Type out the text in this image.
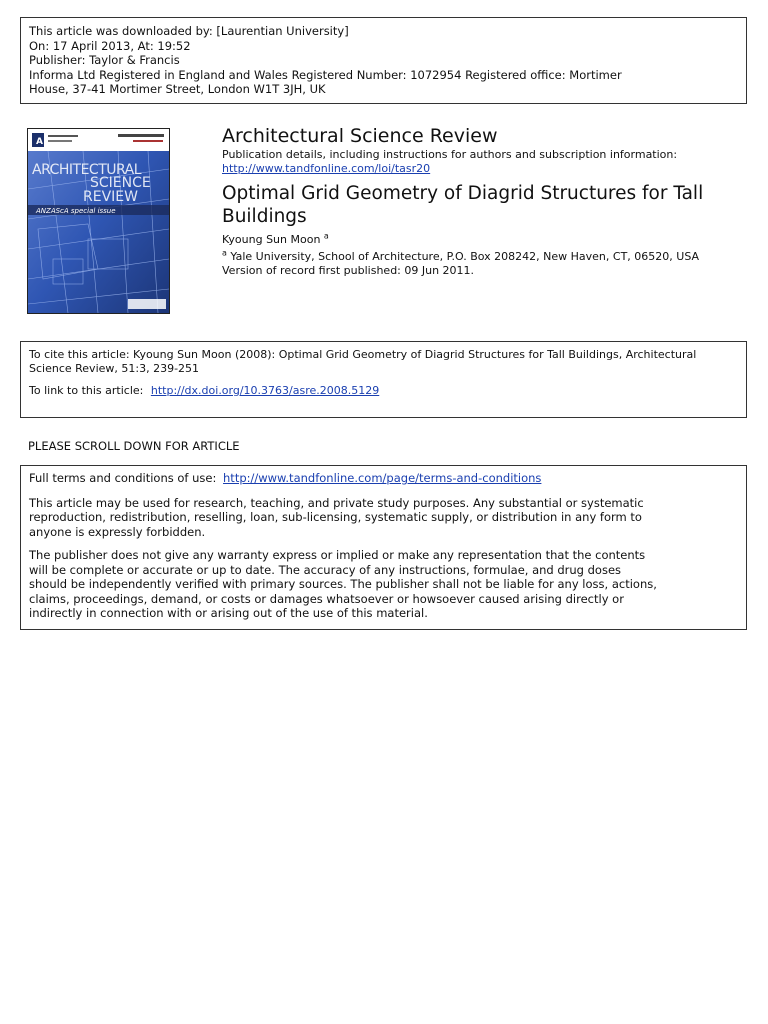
This article was downloaded by: [Laurentian University]
On: 17 April 2013, At: 19:52
Publisher: Taylor & Francis
Informa Ltd Registered in England and Wales Registered Number: 1072954 Registered office: Mortimer
House, 37-41 Mortimer Street, London W1T 3JH, UK
A
ARCHITECTURAL
SCIENCE
REVIEW
ANZAScA special issue
Architectural Science Review
Publication details, including instructions for authors and subscription information:
http://www.tandfonline.com/loi/tasr20
Optimal Grid Geometry of Diagrid Structures for Tall Buildings
Kyoung Sun Moon $^a$
$^a$ Yale University, School of Architecture, P.O. Box 208242, New Haven, CT, 06520, USA
Version of record first published: 09 Jun 2011.
To cite this article: Kyoung Sun Moon (2008): Optimal Grid Geometry of Diagrid Structures for Tall Buildings, Architectural
Science Review, 51:3, 239-251
To link to this article: http://dx.doi.org/10.3763/asre.2008.5129
PLEASE SCROLL DOWN FOR ARTICLE
Full terms and conditions of use: http://www.tandfonline.com/page/terms-and-conditions
This article may be used for research, teaching, and private study purposes. Any substantial or systematic
reproduction, redistribution, reselling, loan, sub-licensing, systematic supply, or distribution in any form to
anyone is expressly forbidden.
The publisher does not give any warranty express or implied or make any representation that the contents
will be complete or accurate or up to date. The accuracy of any instructions, formulae, and drug doses
should be independently verified with primary sources. The publisher shall not be liable for any loss, actions,
claims, proceedings, demand, or costs or damages whatsoever or howsoever caused arising directly or
indirectly in connection with or arising out of the use of this material.
